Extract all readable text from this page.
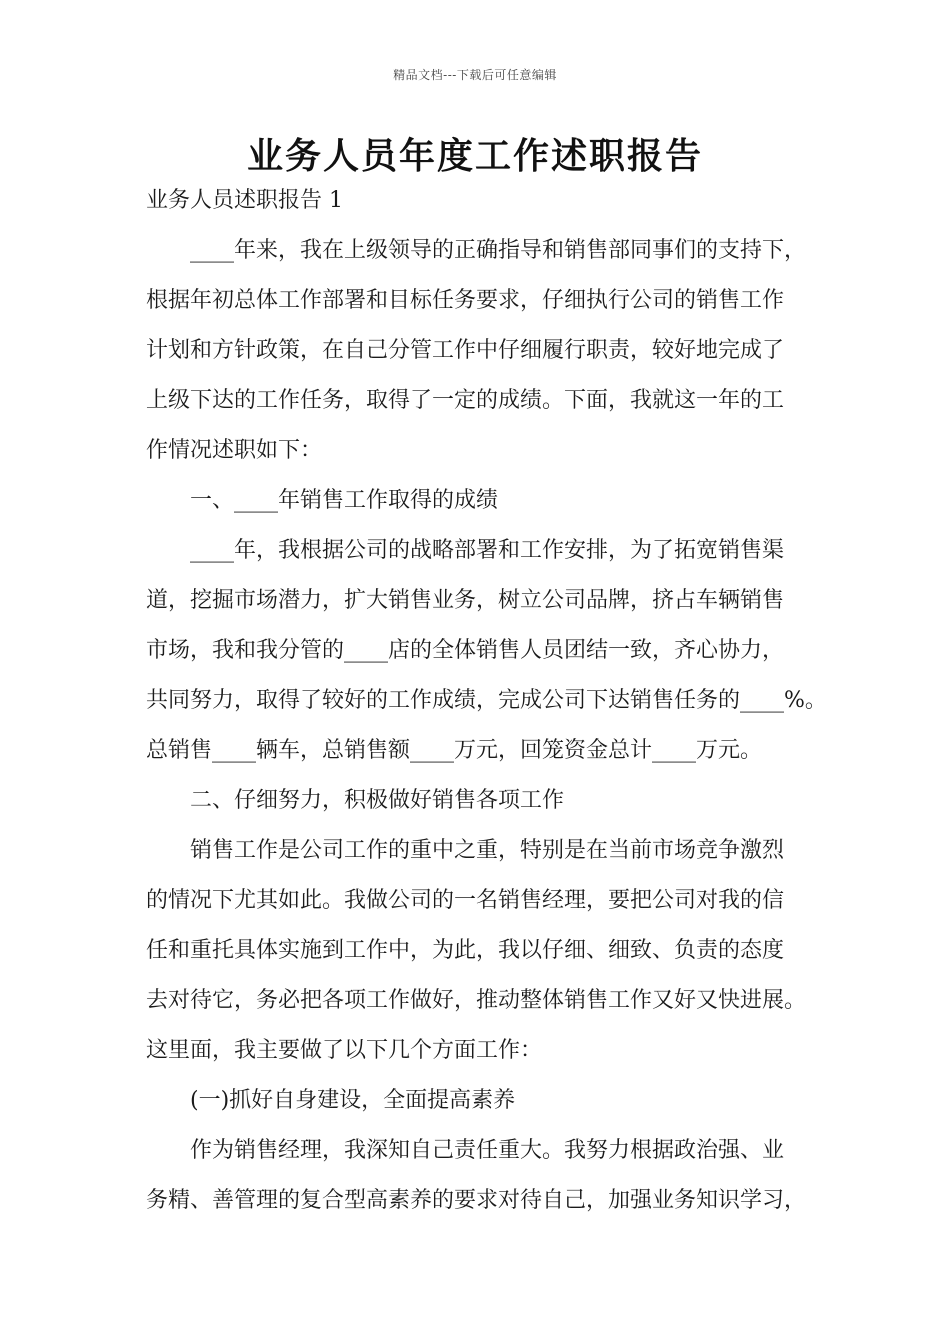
精品文档---下载后可任意编辑
业务人员年度工作述职报告
业务人员述职报告 1
____年来，我在上级领导的正确指导和销售部同事们的支持下，
根据年初总体工作部署和目标任务要求，仔细执行公司的销售工作
计划和方针政策，在自己分管工作中仔细履行职责，较好地完成了
上级下达的工作任务，取得了一定的成绩。下面，我就这一年的工
作情况述职如下：
一、____年销售工作取得的成绩
____年，我根据公司的战略部署和工作安排，为了拓宽销售渠
道，挖掘市场潜力，扩大销售业务，树立公司品牌，挤占车辆销售
市场，我和我分管的____店的全体销售人员团结一致，齐心协力，
共同努力，取得了较好的工作成绩，完成公司下达销售任务的____%。
总销售____辆车，总销售额____万元，回笼资金总计____万元。
二、仔细努力，积极做好销售各项工作
销售工作是公司工作的重中之重，特别是在当前市场竞争激烈
的情况下尤其如此。我做公司的一名销售经理，要把公司对我的信
任和重托具体实施到工作中，为此，我以仔细、细致、负责的态度
去对待它，务必把各项工作做好，推动整体销售工作又好又快进展。
这里面，我主要做了以下几个方面工作：
(一)抓好自身建设，全面提高素养
作为销售经理，我深知自己责任重大。我努力根据政治强、业
务精、善管理的复合型高素养的要求对待自己，加强业务知识学习，
